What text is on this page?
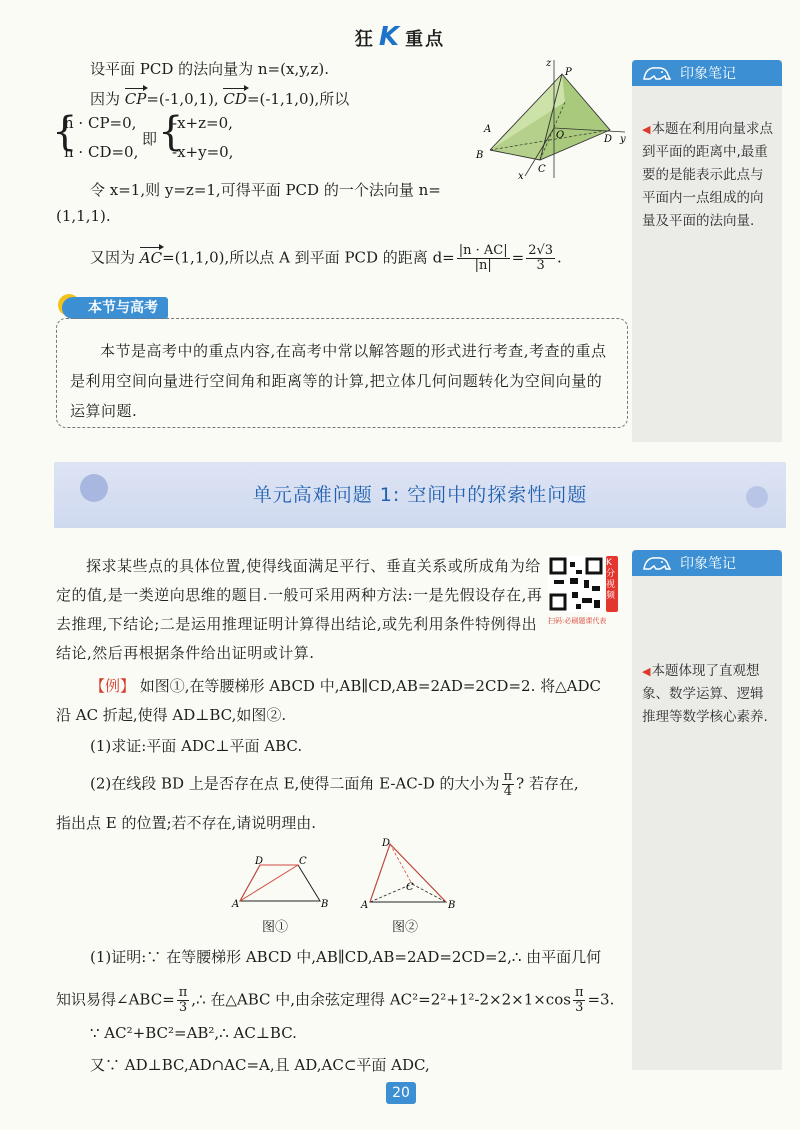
狂 K 重点
z
P
A
B
O
C
D y
x
设平面 PCD 的法向量为 n=(x,y,z).
因为 CP=(-1,0,1), CD=(-1,1,0),所以
{
n · CP=0,
n · CD=0,
即 {
-x+z=0,
-x+y=0,
令 x=1,则 y=z=1,可得平面 PCD 的一个法向量 n=
(1,1,1).
又因为 AC=(1,1,0),所以点 A 到平面 PCD 的距离 $d= \frac{|n \cdot AC|}{|n|} = \frac{2√3}{3}$ .
印象笔记
◀本题在利用向量求点到平面的距离中,最重要的是能表示此点与平面内一点组成的向量及平面的法向量.
本节与高考
本节是高考中的重点内容,在高考中常以解答题的形式进行考查,考查的重点是利用空间向量进行空间角和距离等的计算,把立体几何问题转化为空间向量的运算问题.
单元高难问题 1: 空间中的探索性问题
探求某些点的具体位置,使得线面满足平行、垂直关系或所成角为给定的值,是一类逆向思维的题目.一般可采用两种方法:一是先假设存在,再去推理,下结论;二是运用推理证明计算得出结论,或先利用条件特例得出结论,然后再根据条件给出证明或计算.
K分视频
扫码:必刷题课代表
印象笔记
◀本题体现了直观想象、数学运算、逻辑推理等数学核心素养.
【例】 如图①,在等腰梯形 ABCD 中,AB∥CD,AB=2AD=2CD=2. 将△ADC
沿 AC 折起,使得 AD⊥BC,如图②.
(1)求证:平面 ADC⊥平面 ABC.
(2)在线段 BD 上是否存在点 E,使得二面角 E-AC-D 的大小为 $\frac{\pi}{4}$ ? 若存在,
指出点 E 的位置;若不存在,请说明理由.
D	C
A	B
图①
D
C
A	B
图②
(1)证明:∵ 在等腰梯形 ABCD 中,AB∥CD,AB=2AD=2CD=2,∴ 由平面几何
知识易得∠ABC= $\frac{\pi}{3}$ ,∴ 在△ABC 中,由余弦定理得 $AC^2=2^2+1^2-2\times 2\times 1\times\cos \frac{\pi}{3} =3$.
∵ AC²+BC²=AB²,∴ AC⊥BC.
又∵ AD⊥BC,AD∩AC=A,且 AD,AC⊂平面 ADC,
20
